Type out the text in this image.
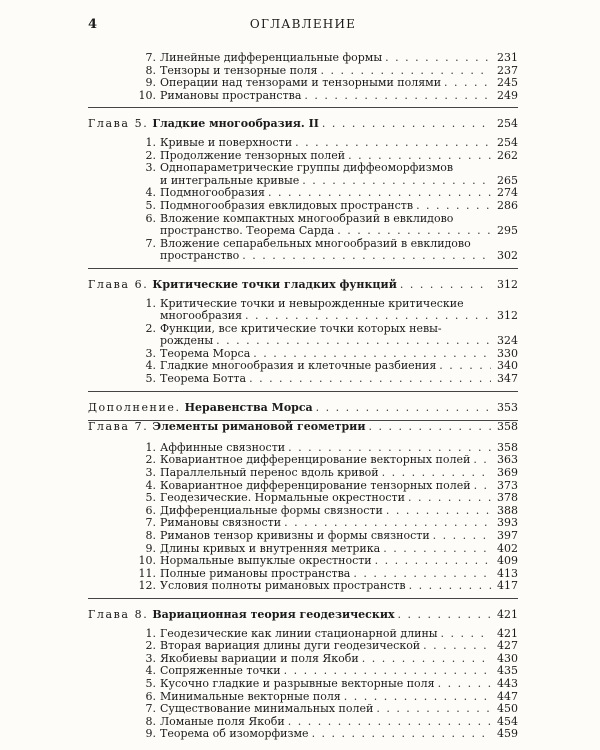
4	ОГЛАВЛЕНИЕ
7. Линейные дифференциальные формы . . .	231
8. Тензоры и тензорные поля . . .	237
9. Операции над тензорами и тензорными полями . . .	245
10. Римановы пространства . . .	249
Глава 5. Гладкие многообразия. II . . .	254
1. Кривые и поверхности . . .	254
2. Продолжение тензорных полей . . .	262
3. Однопараметрические группы диффеоморфизмов
и интегральные кривые . . .	265
4. Подмногообразия . . .	274
5. Подмногообразия евклидовых пространств . . .	286
6. Вложение компактных многообразий в евклидово
пространство. Теорема Сарда . . .	295
7. Вложение сепарабельных многообразий в евклидово
пространство . . .	302
Глава 6. Критические точки гладких функций . . .	312
1. Критические точки и невырожденные критические
многообразия . . .	312
2. Функции, все критические точки которых невы-
рождены . . .	324
3. Теорема Морса . . .	330
4. Гладкие многообразия и клеточные разбиения . . .	340
5. Теорема Ботта . . .	347
Дополнение. Неравенства Морса . . .	353
Глава 7. Элементы римановой геометрии . . .	358
1. Аффинные связности . . .	358
2. Ковариантное дифференцирование векторных полей . . . 363
3. Параллельный перенос вдоль кривой . . .	369
4. Ковариантное дифференцирование тензорных полей . . . 373
5. Геодезические. Нормальные окрестности . . .	378
6. Дифференциальные формы связности . . .	388
7. Римановы связности . . .	393
8. Риманов тензор кривизны и формы связности . . .	397
9. Длины кривых и внутренняя метрика . . .	402
10. Нормальные выпуклые окрестности . . .	409
11. Полные римановы пространства . . .	413
12. Условия полноты римановых пространств . . .	417
Глава 8. Вариационная теория геодезических . . .	421
1. Геодезические как линии стационарной длины . . .	421
2. Вторая вариация длины дуги геодезической . . .	427
3. Якобиевы вариации и поля Якоби . . .	430
4. Сопряженные точки . . .	435
5. Кусочно гладкие и разрывные векторные поля . . .	443
6. Минимальные векторные поля . . .	447
7. Существование минимальных полей . . .	450
8. Ломаные поля Якоби . . .	454
9. Теорема об изоморфизме . . .	459
